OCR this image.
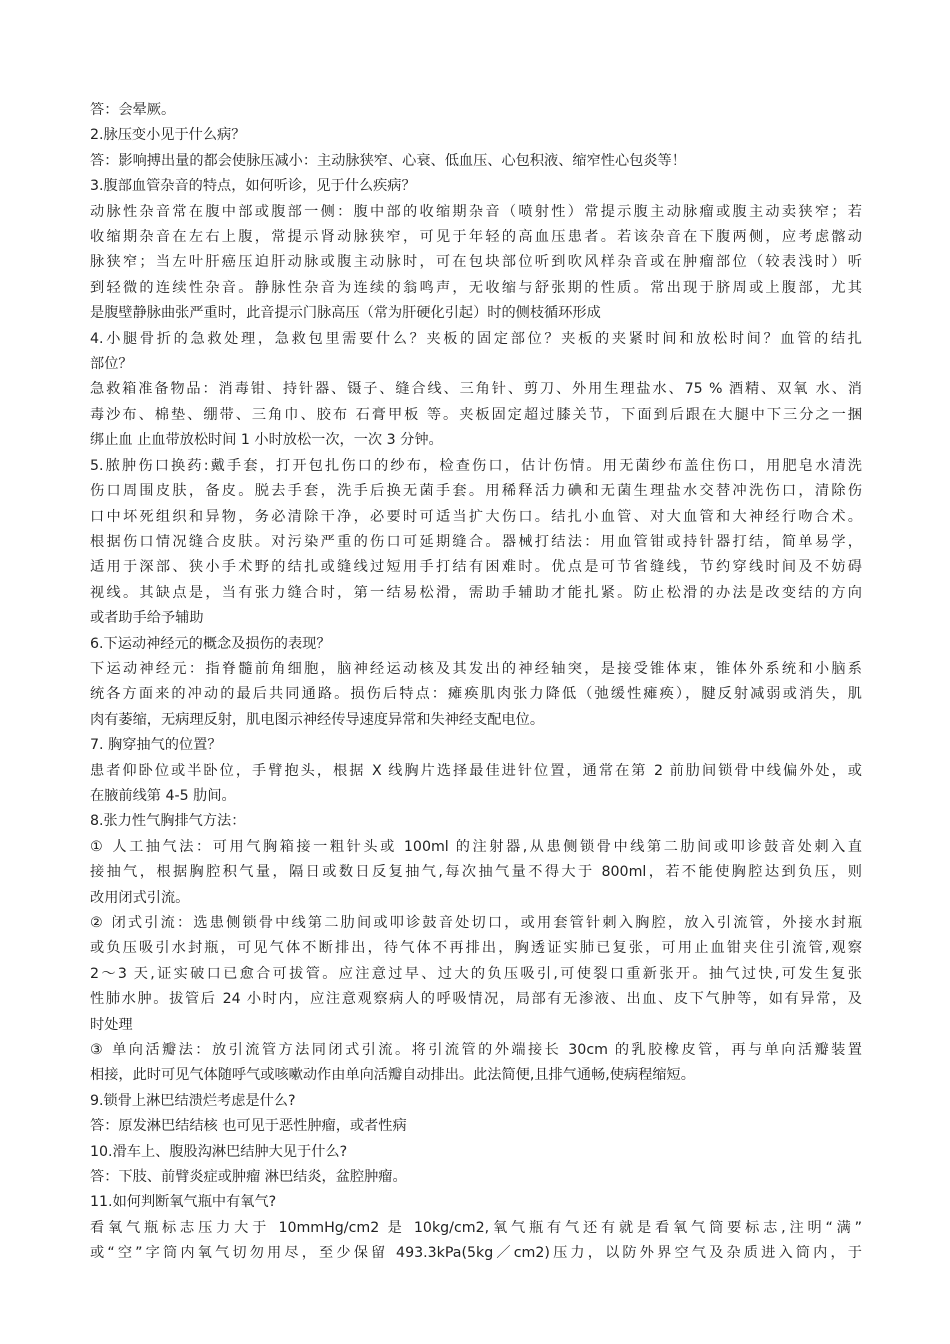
答：会晕厥。

2.脉压变小见于什么病？

答：影响搏出量的都会使脉压减小：主动脉狭窄、心衰、低血压、心包积液、缩窄性心包炎等！

3.腹部血管杂音的特点，如何听诊，见于什么疾病？

动脉性杂音常在腹中部或腹部一侧：腹中部的收缩期杂音（喷射性）常提示腹主动脉瘤或腹主动卖狭窄；若

收缩期杂音在左右上腹，常提示肾动脉狭窄，可见于年轻的高血压患者。若该杂音在下腹两侧，应考虑髂动

脉狭窄；当左叶肝癌压迫肝动脉或腹主动脉时，可在包块部位听到吹风样杂音或在肿瘤部位（较表浅时）听

到轻微的连续性杂音。静脉性杂音为连续的翁鸣声，无收缩与舒张期的性质。常出现于脐周或上腹部，尤其

是腹壁静脉曲张严重时，此音提示门脉高压（常为肝硬化引起）时的侧枝循环形成

4.小腿骨折的急救处理，急救包里需要什么？夹板的固定部位？夹板的夹紧时间和放松时间？血管的结扎

部位？

急救箱准备物品：消毒钳、持针器、镊子、缝合线、三角针、剪刀、外用生理盐水、75 % 酒精、双氧 水、消

毒沙布、棉垫、绷带、三角巾、胶布 石膏甲板 等。夹板固定超过膝关节，下面到后跟在大腿中下三分之一捆

绑止血 止血带放松时间 1 小时放松一次，一次 3 分钟。

5.脓肿伤口换药:戴手套，打开包扎伤口的纱布，检查伤口，估计伤情。用无菌纱布盖住伤口，用肥皂水清洗

伤口周围皮肤，备皮。脱去手套，洗手后换无菌手套。用稀释活力碘和无菌生理盐水交替冲洗伤口，清除伤

口中坏死组织和异物，务必清除干净，必要时可适当扩大伤口。结扎小血管、对大血管和大神经行吻合术。

根据伤口情况缝合皮肤。对污染严重的伤口可延期缝合。器械打结法：用血管钳或持针器打结，简单易学，

适用于深部、狭小手术野的结扎或缝线过短用手打结有困难时。优点是可节省缝线，节约穿线时间及不妨碍

视线。其缺点是，当有张力缝合时，第一结易松滑，需助手辅助才能扎紧。防止松滑的办法是改变结的方向

或者助手给予辅助

6.下运动神经元的概念及损伤的表现？

下运动神经元：指脊髓前角细胞，脑神经运动核及其发出的神经轴突，是接受锥体束，锥体外系统和小脑系

统各方面来的冲动的最后共同通路。损伤后特点：瘫痪肌肉张力降低（弛缓性瘫痪），腱反射减弱或消失，肌

肉有萎缩，无病理反射，肌电图示神经传导速度异常和失神经支配电位。

7. 胸穿抽气的位置？

患者仰卧位或半卧位，手臂抱头，根据 X 线胸片选择最佳进针位置，通常在第 2 前肋间锁骨中线偏外处，或

在腋前线第 4-5 肋间。

8.张力性气胸排气方法：

① 人工抽气法：可用气胸箱接一粗针头或 100ml 的注射器,从患侧锁骨中线第二肋间或叩诊鼓音处刺入直

接抽气，根据胸腔积气量，隔日或数日反复抽气,每次抽气量不得大于 800ml，若不能使胸腔达到负压，则

改用闭式引流。

② 闭式引流：选患侧锁骨中线第二肋间或叩诊鼓音处切口，或用套管针刺入胸腔，放入引流管，外接水封瓶

或负压吸引水封瓶，可见气体不断排出，待气体不再排出，胸透证实肺已复张，可用止血钳夹住引流管,观察

2～3 天,证实破口已愈合可拔管。应注意过早、过大的负压吸引,可使裂口重新张开。抽气过快,可发生复张

性肺水肿。拔管后 24 小时内，应注意观察病人的呼吸情况，局部有无渗液、出血、皮下气肿等，如有异常，及

时处理

③ 单向活瓣法：放引流管方法同闭式引流。将引流管的外端接长 30cm 的乳胶橡皮管，再与单向活瓣装置

相接，此时可见气体随呼气或咳嗽动作由单向活瓣自动排出。此法简便,且排气通畅,使病程缩短。

9.锁骨上淋巴结溃烂考虑是什么?

答：原发淋巴结结核 也可见于恶性肿瘤，或者性病

10.滑车上、腹股沟淋巴结肿大见于什么?

答：下肢、前臂炎症或肿瘤 淋巴结炎，盆腔肿瘤。

11.如何判断氧气瓶中有氧气?

看氧气瓶标志压力大于 10mmHg/cm2 是 10kg/cm2,氧气瓶有气还有就是看氧气筒要标志,注明“满”

或“空”字筒内氧气切勿用尽，至少保留 493.3kPa(5kg／cm2)压力，以防外界空气及杂质进入筒内，于
